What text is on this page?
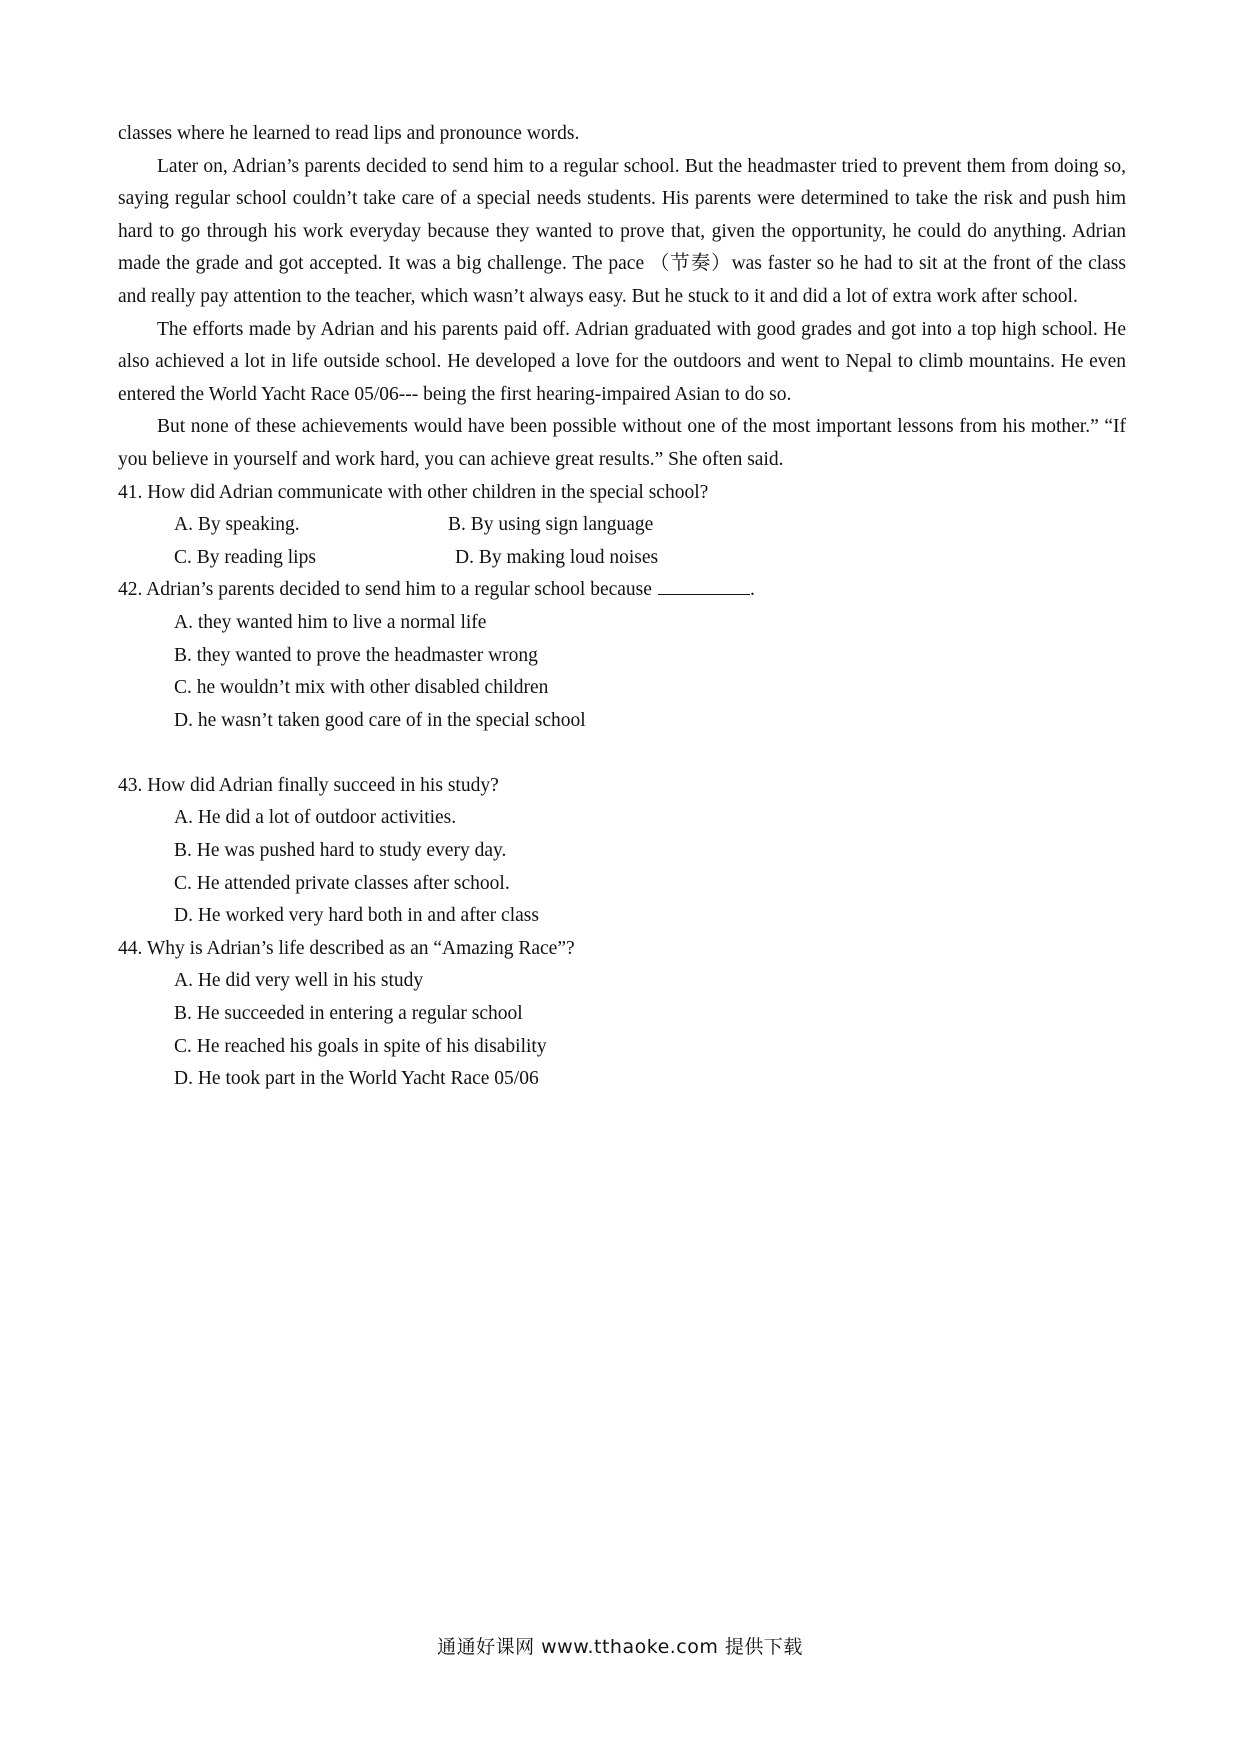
classes where he learned to read lips and pronounce words.

Later on, Adrian’s parents decided to send him to a regular school. But the headmaster tried to prevent them from doing so, saying regular school couldn’t take care of a special needs students. His parents were determined to take the risk and push him hard to go through his work everyday because they wanted to prove that, given the opportunity, he could do anything. Adrian made the grade and got accepted. It was a big challenge. The pace （节奏）was faster so he had to sit at the front of the class and really pay attention to the teacher, which wasn’t always easy. But he stuck to it and did a lot of extra work after school.

The efforts made by Adrian and his parents paid off. Adrian graduated with good grades and got into a top high school. He also achieved a lot in life outside school. He developed a love for the outdoors and went to Nepal to climb mountains. He even entered the World Yacht Race 05/06--- being the first hearing-impaired Asian to do so.

But none of these achievements would have been possible without one of the most important lessons from his mother.” “If you believe in yourself and work hard, you can achieve great results.” She often said.

41. How did Adrian communicate with other children in the special school?
A. By speaking.	B. By using sign language
C. By reading lips	D. By making loud noises
42. Adrian’s parents decided to send him to a regular school because	.
A. they wanted him to live a normal life
B. they wanted to prove the headmaster wrong
C. he wouldn’t mix with other disabled children
D. he wasn’t taken good care of in the special school
43. How did Adrian finally succeed in his study?
A. He did a lot of outdoor activities.
B. He was pushed hard to study every day.
C. He attended private classes after school.
D. He worked very hard both in and after class
44. Why is Adrian’s life described as an “Amazing Race”?
A. He did very well in his study
B. He succeeded in entering a regular school
C. He reached his goals in spite of his disability
D. He took part in the World Yacht Race 05/06
通通好课网 www.tthaoke.com 提供下载
